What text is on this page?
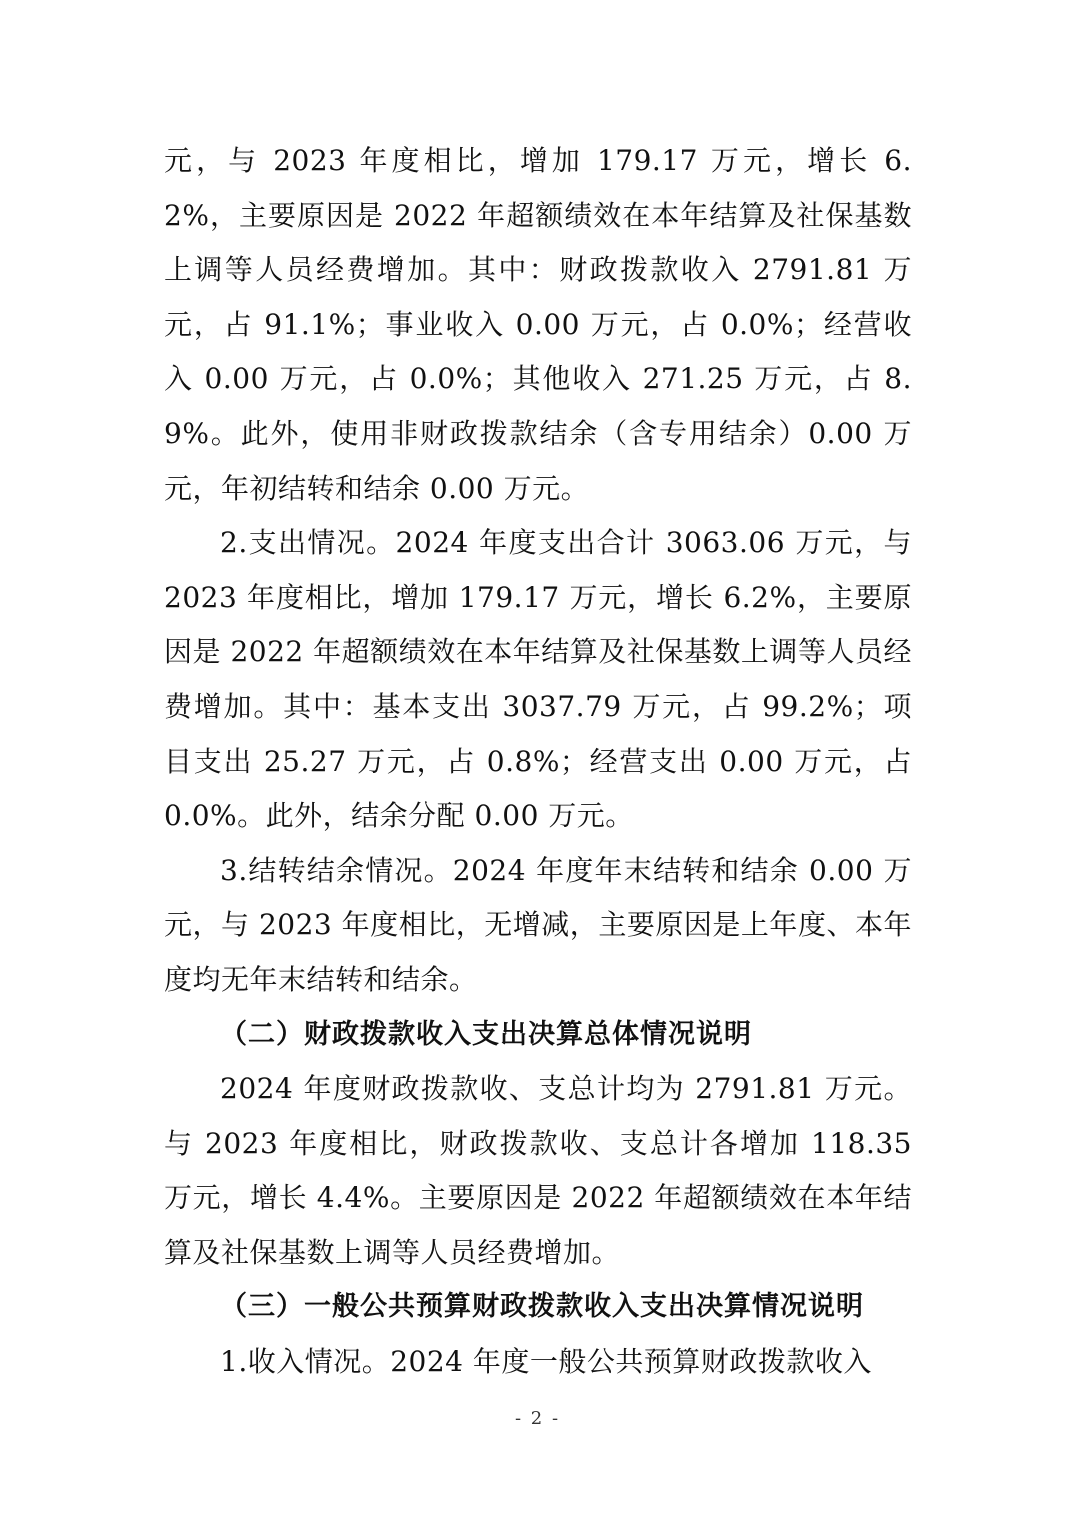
元，与 2023 年度相比，增加 179.17 万元，增长 6.2%，主要原因是 2022 年超额绩效在本年结算及社保基数上调等人员经费增加。其中：财政拨款收入 2791.81 万元，占 91.1%；事业收入 0.00 万元，占 0.0%；经营收入 0.00 万元，占 0.0%；其他收入 271.25 万元，占 8.9%。此外，使用非财政拨款结余（含专用结余）0.00 万元，年初结转和结余 0.00 万元。

2.支出情况。2024 年度支出合计 3063.06 万元，与 2023 年度相比，增加 179.17 万元，增长 6.2%，主要原因是 2022 年超额绩效在本年结算及社保基数上调等人员经费增加。其中：基本支出 3037.79 万元，占 99.2%；项目支出 25.27 万元，占 0.8%；经营支出 0.00 万元，占 0.0%。此外，结余分配 0.00 万元。

3.结转结余情况。2024 年度年末结转和结余 0.00 万元，与 2023 年度相比，无增减，主要原因是上年度、本年度均无年末结转和结余。

（二）财政拨款收入支出决算总体情况说明

2024 年度财政拨款收、支总计均为 2791.81 万元。与 2023 年度相比，财政拨款收、支总计各增加 118.35 万元，增长 4.4%。主要原因是 2022 年超额绩效在本年结算及社保基数上调等人员经费增加。

（三）一般公共预算财政拨款收入支出决算情况说明

1.收入情况。2024 年度一般公共预算财政拨款收入

- 2 -
